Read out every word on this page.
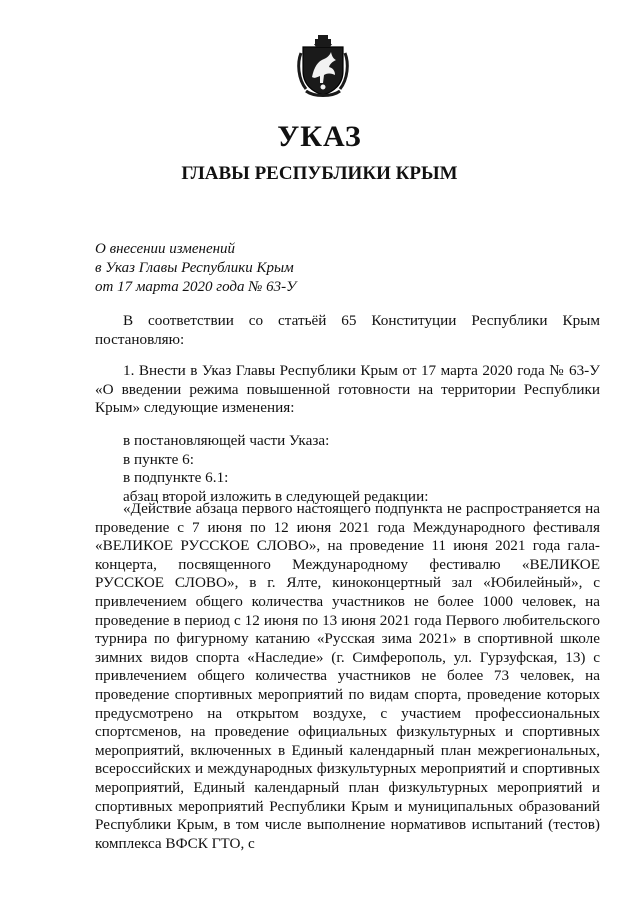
УКАЗ
ГЛАВЫ РЕСПУБЛИКИ КРЫМ
О внесении изменений
в Указ Главы Республики Крым
от 17 марта 2020 года № 63-У

В соответствии со статьёй 65 Конституции Республики Крым постановляю:

1. Внести в Указ Главы Республики Крым от 17 марта 2020 года № 63-У «О введении режима повышенной готовности на территории Республики Крым» следующие изменения:

в постановляющей части Указа:
в пункте 6:
в подпункте 6.1:
абзац второй изложить в следующей редакции:

«Действие абзаца первого настоящего подпункта не распространяется на проведение с 7 июня по 12 июня 2021 года Международного фестиваля «ВЕЛИКОЕ РУССКОЕ СЛОВО», на проведение 11 июня 2021 года гала-концерта, посвященного Международному фестивалю «ВЕЛИКОЕ РУССКОЕ СЛОВО», в г. Ялте, киноконцертный зал «Юбилейный», с привлечением общего количества участников не более 1000 человек, на проведение в период с 12 июня по 13 июня 2021 года Первого любительского турнира по фигурному катанию «Русская зима 2021» в спортивной школе зимних видов спорта «Наследие» (г. Симферополь, ул. Гурзуфская, 13) с привлечением общего количества участников не более 73 человек, на проведение спортивных мероприятий по видам спорта, проведение которых предусмотрено на открытом воздухе, с участием профессиональных спортсменов, на проведение официальных физкультурных и спортивных мероприятий, включенных в Единый календарный план межрегиональных, всероссийских и международных физкультурных мероприятий и спортивных мероприятий, Единый календарный план физкультурных мероприятий и спортивных мероприятий Республики Крым и муниципальных образований Республики Крым, в том числе выполнение нормативов испытаний (тестов) комплекса ВФСК ГТО, с
